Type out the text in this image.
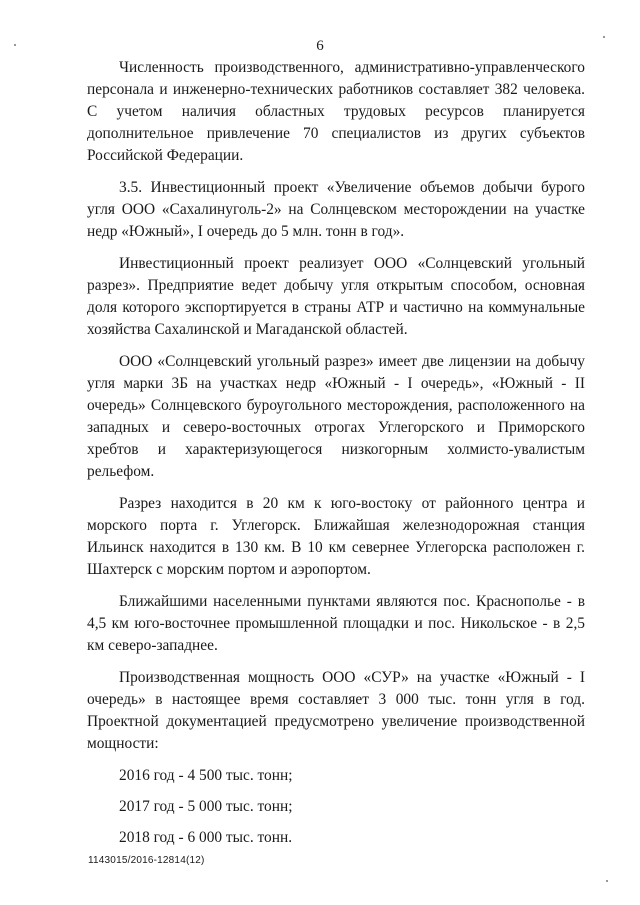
6

Численность производственного, административно-управленческого персонала и инженерно-технических работников составляет 382 человека. С учетом наличия областных трудовых ресурсов планируется дополнительное привлечение 70 специалистов из других субъектов Российской Федерации.

3.5. Инвестиционный проект «Увеличение объемов добычи бурого угля ООО «Сахалинуголь-2» на Солнцевском месторождении на участке недр «Южный», I очередь до 5 млн. тонн в год».

Инвестиционный проект реализует ООО «Солнцевский угольный разрез». Предприятие ведет добычу угля открытым способом, основная доля которого экспортируется в страны АТР и частично на коммунальные хозяйства Сахалинской и Магаданской областей.

ООО «Солнцевский угольный разрез» имеет две лицензии на добычу угля марки 3Б на участках недр «Южный - I очередь», «Южный - II очередь» Солнцевского буроугольного месторождения, расположенного на западных и северо-восточных отрогах Углегорского и Приморского хребтов и характеризующегося низкогорным холмисто-увалистым рельефом.

Разрез находится в 20 км к юго-востоку от районного центра и морского порта г. Углегорск. Ближайшая железнодорожная станция Ильинск находится в 130 км. В 10 км севернее Углегорска расположен г. Шахтерск с морским портом и аэропортом.

Ближайшими населенными пунктами являются пос. Краснополье - в 4,5 км юго-восточнее промышленной площадки и пос. Никольское - в 2,5 км северо-западнее.

Производственная мощность ООО «СУР» на участке «Южный - I очередь» в настоящее время составляет 3 000 тыс. тонн угля в год. Проектной документацией предусмотрено увеличение производственной мощности:

2016 год - 4 500 тыс. тонн;

2017 год - 5 000 тыс. тонн;

2018 год - 6 000 тыс. тонн.

1143015/2016-12814(12)
